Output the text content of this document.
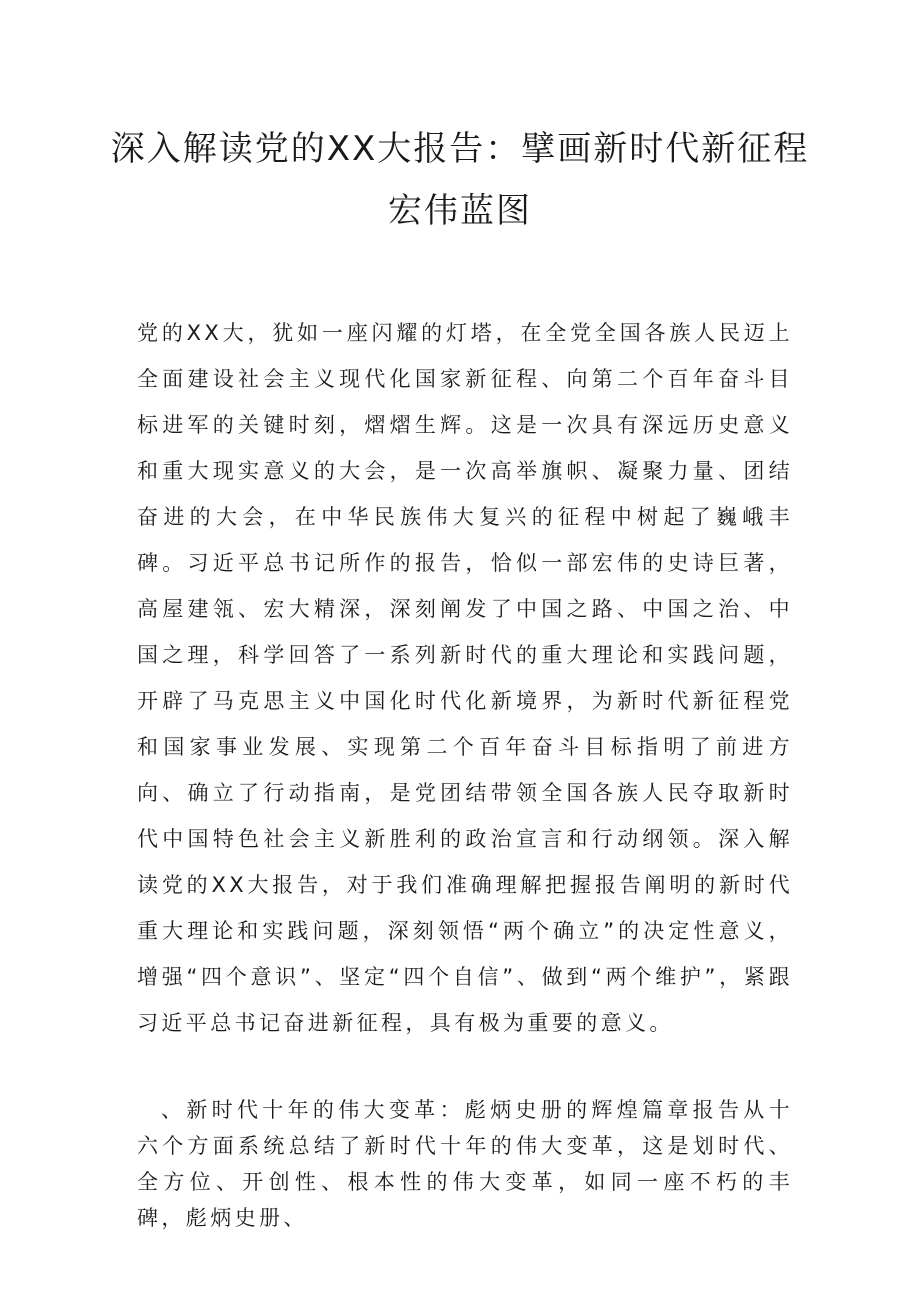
深入解读党的XX大报告：擘画新时代新征程宏伟蓝图

党的XX大，犹如一座闪耀的灯塔，在全党全国各族人民迈上全面建设社会主义现代化国家新征程、向第二个百年奋斗目标进军的关键时刻，熠熠生辉。这是一次具有深远历史意义和重大现实意义的大会，是一次高举旗帜、凝聚力量、团结奋进的大会，在中华民族伟大复兴的征程中树起了巍峨丰碑。习近平总书记所作的报告，恰似一部宏伟的史诗巨著，高屋建瓴、宏大精深，深刻阐发了中国之路、中国之治、中国之理，科学回答了一系列新时代的重大理论和实践问题，开辟了马克思主义中国化时代化新境界，为新时代新征程党和国家事业发展、实现第二个百年奋斗目标指明了前进方向、确立了行动指南，是党团结带领全国各族人民夺取新时代中国特色社会主义新胜利的政治宣言和行动纲领。深入解读党的XX大报告，对于我们准确理解把握报告阐明的新时代重大理论和实践问题，深刻领悟“两个确立”的决定性意义，增强“四个意识”、坚定“四个自信”、做到“两个维护”，紧跟习近平总书记奋进新征程，具有极为重要的意义。

、新时代十年的伟大变革：彪炳史册的辉煌篇章报告从十六个方面系统总结了新时代十年的伟大变革，这是划时代、全方位、开创性、根本性的伟大变革，如同一座不朽的丰碑，彪炳史册、
